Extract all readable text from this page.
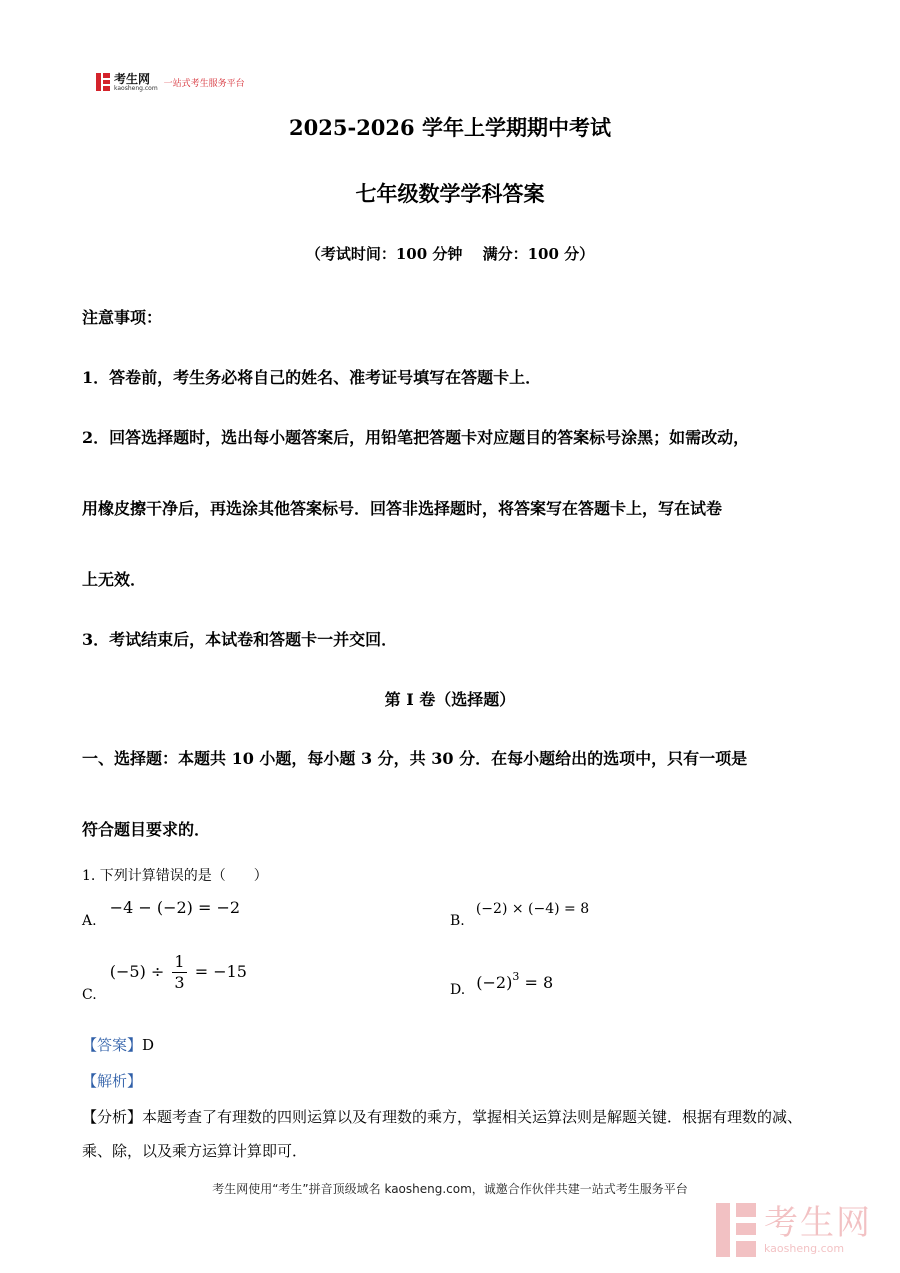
考生网
kaosheng.com 一站式考生服务平台
2025-2026 学年上学期期中考试
七年级数学学科答案
（考试时间：100 分钟　 满分：100 分）
注意事项：
1．答卷前，考生务必将自己的姓名、准考证号填写在答题卡上．
2．回答选择题时，选出每小题答案后，用铅笔把答题卡对应题目的答案标号涂黑；如需改动，
用橡皮擦干净后，再选涂其他答案标号．回答非选择题时，将答案写在答题卡上，写在试卷
上无效．
3．考试结束后，本试卷和答题卡一并交回．
第 I 卷（选择题）
一、选择题：本题共 10 小题，每小题 3 分，共 30 分．在每小题给出的选项中，只有一项是
符合题目要求的．
1. 下列计算错误的是（　　）
A. −4 − (−2) = −2
B. (−2) × (−4) = 8
C. $(-5) \div \frac{1}{3} = -15$
D. $(-2)^3 = 8$
【答案】D
【解析】
【分析】本题考查了有理数的四则运算以及有理数的乘方，掌握相关运算法则是解题关键．根据有理数的减、乘、除，以及乘方运算计算即可．
考生网使用“考生”拼音顶级域名 kaosheng.com，诚邀合作伙伴共建一站式考生服务平台
考生网
kaosheng.com
